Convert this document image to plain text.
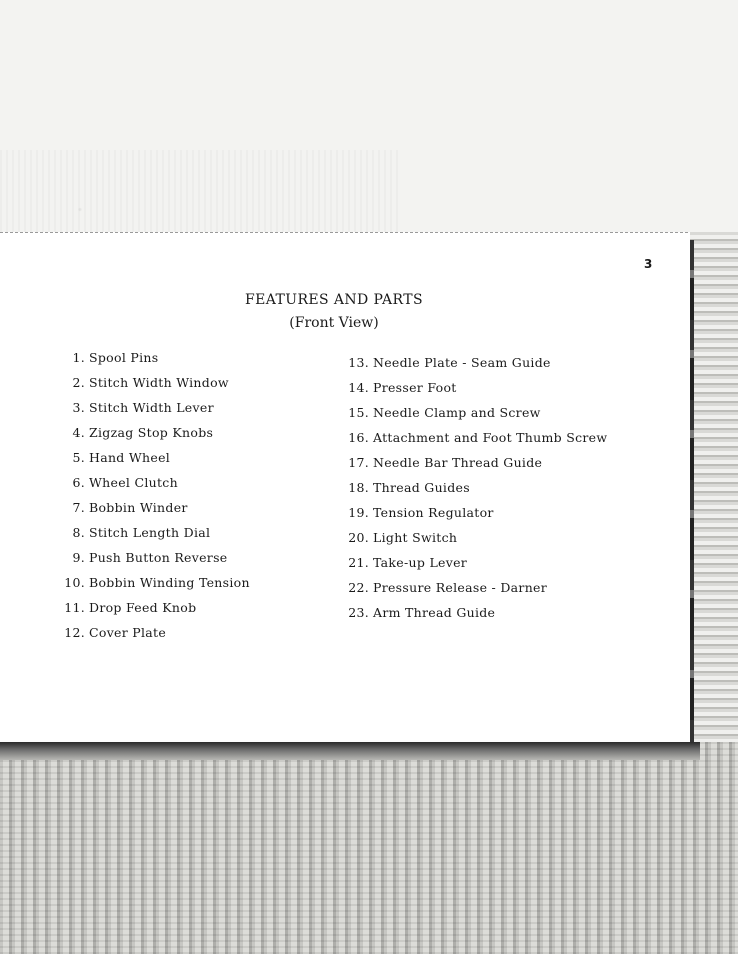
3
FEATURES AND PARTS
(Front View)
1. Spool Pins
2. Stitch Width Window
3. Stitch Width Lever
4. Zigzag Stop Knobs
5. Hand Wheel
6. Wheel Clutch
7. Bobbin Winder
8. Stitch Length Dial
9. Push Button Reverse
10. Bobbin Winding Tension
11. Drop Feed Knob
12. Cover Plate
13. Needle Plate - Seam Guide
14. Presser Foot
15. Needle Clamp and Screw
16. Attachment and Foot Thumb Screw
17. Needle Bar Thread Guide
18. Thread Guides
19. Tension Regulator
20. Light Switch
21. Take-up Lever
22. Pressure Release - Darner
23. Arm Thread Guide
